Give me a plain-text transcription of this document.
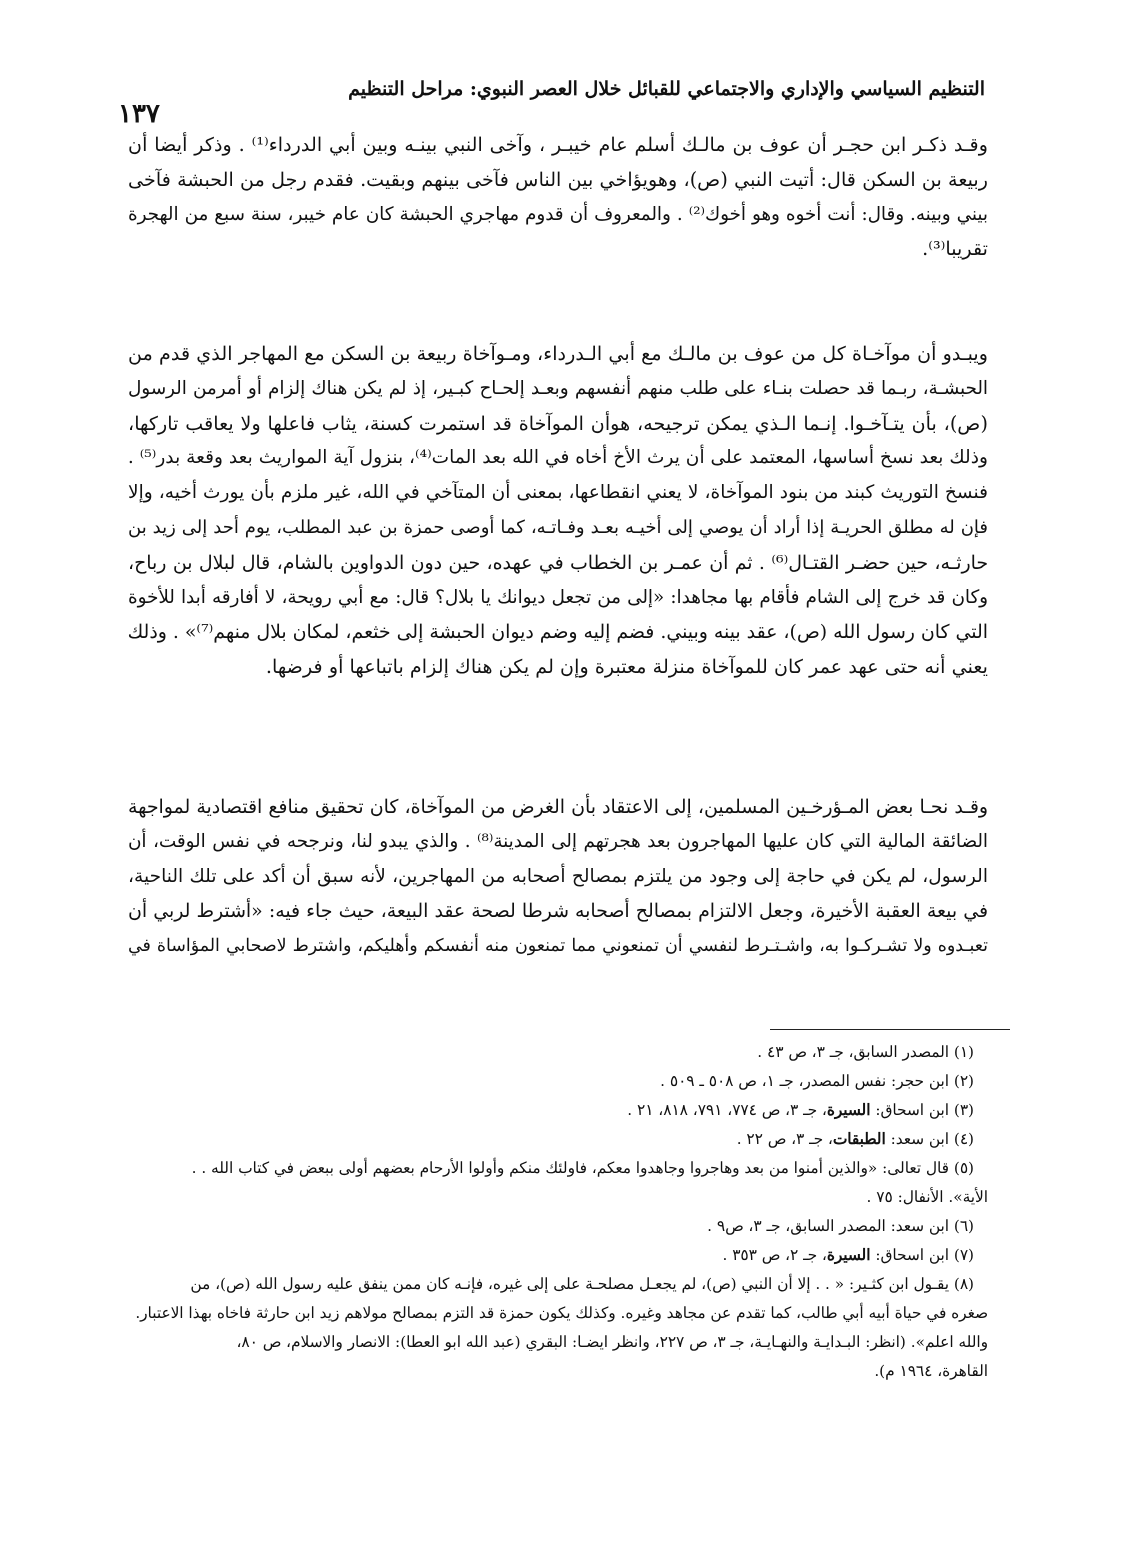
التنظيم السياسي والإداري والاجتماعي للقبائل خلال العصر النبوي: مراحل التنظيم
١٣٧
وقـد ذكـر ابن حجـر أن عوف بن مالـك أسلم عام خيبـر ، وآخى النبي بينـه وبين أبي الدرداء⁽¹⁾ . وذكر أيضا أن
ربيعة بن السكن قال: أتيت النبي (ص)، وهويؤاخي بين الناس فآخى بينهم وبقيت. فقدم رجل من الحبشة فآخى
بيني وبينه. وقال: أنت أخوه وهو أخوك⁽²⁾ . والمعروف أن قدوم مهاجري الحبشة كان عام خيبر، سنة سبع من الهجرة
تقريبا⁽³⁾.
ويبـدو أن موآخـاة كل من عوف بن مالـك مع أبي الـدرداء، ومـوآخاة ربيعة بن السكن مع المهاجر الذي قدم من
الحبشـة، ربـما قد حصلت بنـاء على طلب منهم أنفسهم وبعـد إلحـاح كبـير، إذ لم يكن هناك إلزام أو أمرمن الرسول
(ص)، بأن يتـآخـوا. إنـما الـذي يمكن ترجيحه، هوأن الموآخاة قد استمرت كسنة، يثاب فاعلها ولا يعاقب تاركها،
وذلك بعد نسخ أساسها، المعتمد على أن يرث الأخ أخاه في الله بعد المات⁽⁴⁾، بنزول آية المواريث بعد وقعة بدر⁽⁵⁾ .
فنسخ التوريث كبند من بنود الموآخاة، لا يعني انقطاعها، بمعنى أن المتآخي في الله، غير ملزم بأن يورث أخيه، وإلا
فإن له مطلق الحريـة إذا أراد أن يوصي إلى أخيـه بعـد وفـاتـه، كما أوصى حمزة بن عبد المطلب، يوم أحد إلى زيد بن
حارثـه، حين حضـر القتـال⁽⁶⁾ . ثم أن عمـر بن الخطاب في عهده، حين دون الدواوين بالشام، قال لبلال بن رباح،
وكان قد خرج إلى الشام فأقام بها مجاهدا: «إلى من تجعل ديوانك يا بلال؟ قال: مع أبي رويحة، لا أفارقه أبدا للأخوة
التي كان رسول الله (ص)، عقد بينه وبيني. فضم إليه وضم ديوان الحبشة إلى خثعم، لمكان بلال منهم⁽⁷⁾» . وذلك
يعني أنه حتى عهد عمر كان للموآخاة منزلة معتبرة وإن لم يكن هناك إلزام باتباعها أو فرضها.
وقـد نحـا بعض المـؤرخـين المسلمين، إلى الاعتقاد بأن الغرض من الموآخاة، كان تحقيق منافع اقتصادية لمواجهة
الضائقة المالية التي كان عليها المهاجرون بعد هجرتهم إلى المدينة⁽⁸⁾ . والذي يبدو لنا، ونرجحه في نفس الوقت، أن
الرسول، لم يكن في حاجة إلى وجود من يلتزم بمصالح أصحابه من المهاجرين، لأنه سبق أن أكد على تلك الناحية،
في بيعة العقبة الأخيرة، وجعل الالتزام بمصالح أصحابه شرطا لصحة عقد البيعة، حيث جاء فيه: «أشترط لربي أن
تعبـدوه ولا تشـركـوا به، واشـتـرط لنفسي أن تمنعوني مما تمنعون منه أنفسكم وأهليكم، واشترط لاصحابي المؤاساة في
(١) المصدر السابق، جـ ٣، ص ٤٣ .
(٢) ابن حجر: نفس المصدر، جـ ١، ص ٥٠٨ ـ ٥٠٩ .
(٣) ابن اسحاق: السيرة، جـ ٣، ص ٧٧٤، ٧٩١، ٨١٨، ٢١ .
(٤) ابن سعد: الطبقات، جـ ٣، ص ٢٢ .
(٥) قال تعالى: «والذين أمنوا من بعد وهاجروا وجاهدوا معكم، فاولئك منكم وأولوا الأرحام بعضهم أولى ببعض في كتاب الله . .
الأية». الأنفال: ٧٥ .
(٦) ابن سعد: المصدر السابق، جـ ٣، ص٩ .
(٧) ابن اسحاق: السيرة، جـ ٢، ص ٣٥٣ .
(٨) يقـول ابن كثـير: « . . إلا أن النبي (ص)، لم يجعـل مصلحـة على إلى غيره، فإنـه كان ممن ينفق عليه رسول الله (ص)، من
صغره في حياة أبيه أبي طالب، كما تقدم عن مجاهد وغيره. وكذلك يكون حمزة قد التزم بمصالح مولاهم زيد ابن حارثة فاخاه بهذا الاعتبار.
والله اعلم». (انظر: البـدايـة والنهـايـة، جـ ٣، ص ٢٢٧، وانظر ايضـا: البقري (عبد الله ابو العطا): الانصار والاسلام، ص ٨٠،
القاهرة، ١٩٦٤ م).
